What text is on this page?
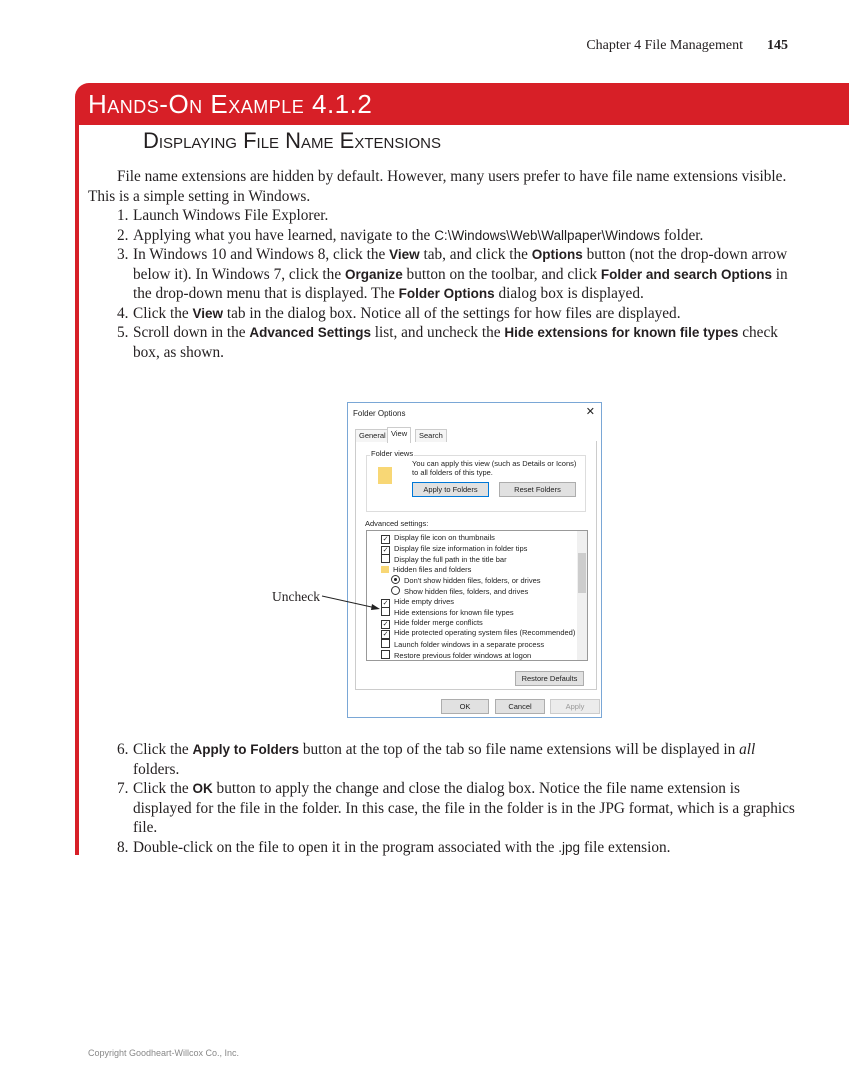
Chapter 4 File Management 145
Hands-On Example 4.1.2
Displaying File Name Extensions

File name extensions are hidden by default. However, many users prefer to have file name extensions visible. This is a simple setting in Windows.

1. Launch Windows File Explorer.
2. Applying what you have learned, navigate to the C:\Windows\Web\Wallpaper\Windows folder.
3. In Windows 10 and Windows 8, click the View tab, and click the Options button (not the drop-down arrow below it). In Windows 7, click the Organize button on the toolbar, and click Folder and search Options in the drop-down menu that is displayed. The Folder Options dialog box is displayed.
4. Click the View tab in the dialog box. Notice all of the settings for how files are displayed.
5. Scroll down in the Advanced Settings list, and uncheck the Hide extensions for known file types check box, as shown.
Folder Options	✕
General View	Search
Folder views
You can apply this view (such as Details or Icons) to all folders of this type.
Apply to Folders	Reset Folders
Advanced settings:
✓ Display file icon on thumbnails
✓ Display file size information in folder tips
Display the full path in the title bar
Hidden files and folders
Don't show hidden files, folders, or drives
Show hidden files, folders, and drives
✓ Hide empty drives
Hide extensions for known file types
✓ Hide folder merge conflicts
✓ Hide protected operating system files (Recommended)
Launch folder windows in a separate process
Restore previous folder windows at logon
Restore Defaults
OK	Cancel	Apply
Uncheck
6. Click the Apply to Folders button at the top of the tab so file name extensions will be displayed in all folders.
7. Click the OK button to apply the change and close the dialog box. Notice the file name extension is displayed for the file in the folder. In this case, the file in the folder is in the JPG format, which is a graphics file.
8. Double-click on the file to open it in the program associated with the .jpg file extension.
Copyright Goodheart-Willcox Co., Inc.
